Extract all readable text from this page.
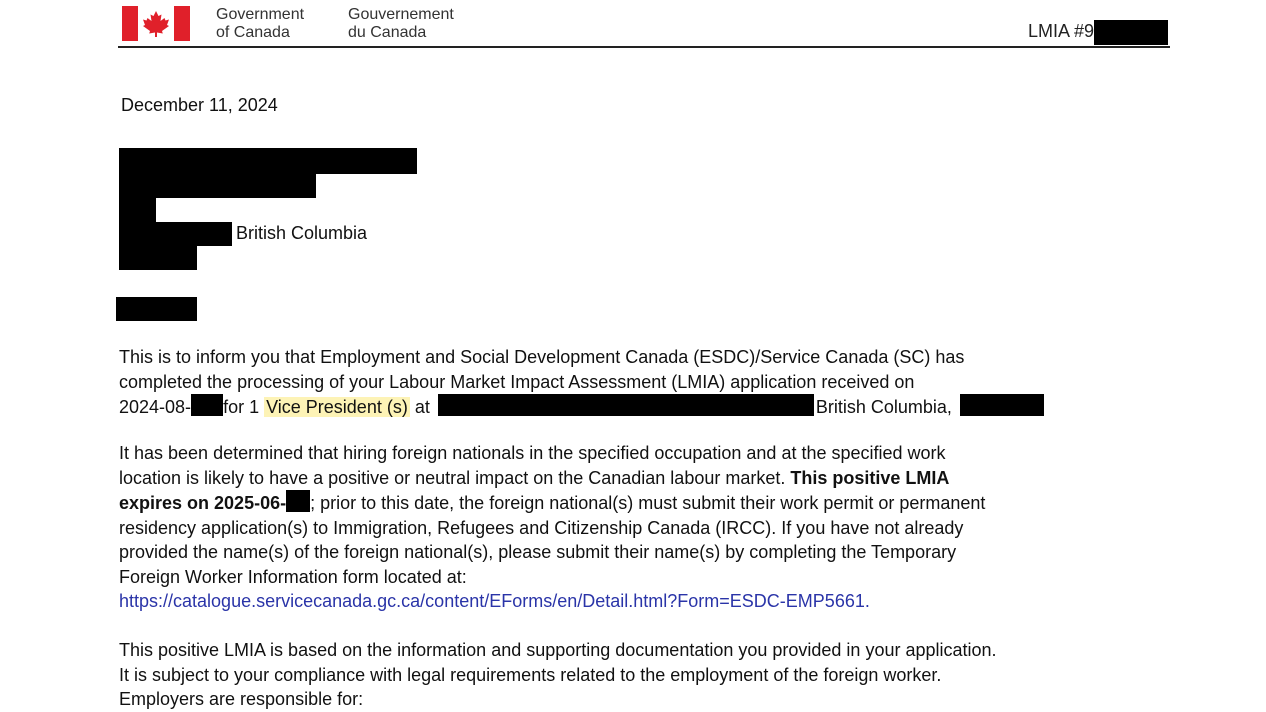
Government
of Canada
Gouvernement
du Canada	LMIA #9
December 11, 2024
British Columbia
This is to inform you that Employment and Social Development Canada (ESDC)/Service Canada (SC) has
completed the processing of your Labour Market Impact Assessment (LMIA) application received on
2024-08- for 1 Vice President (s) at	British Columbia,
It has been determined that hiring foreign nationals in the specified occupation and at the specified work
location is likely to have a positive or neutral impact on the Canadian labour market. This positive LMIA
expires on 2025-06- ; prior to this date, the foreign national(s) must submit their work permit or permanent
residency application(s) to Immigration, Refugees and Citizenship Canada (IRCC). If you have not already
provided the name(s) of the foreign national(s), please submit their name(s) by completing the Temporary
Foreign Worker Information form located at:
https://catalogue.servicecanada.gc.ca/content/EForms/en/Detail.html?Form=ESDC-EMP5661.
This positive LMIA is based on the information and supporting documentation you provided in your application.
It is subject to your compliance with legal requirements related to the employment of the foreign worker.
Employers are responsible for:
